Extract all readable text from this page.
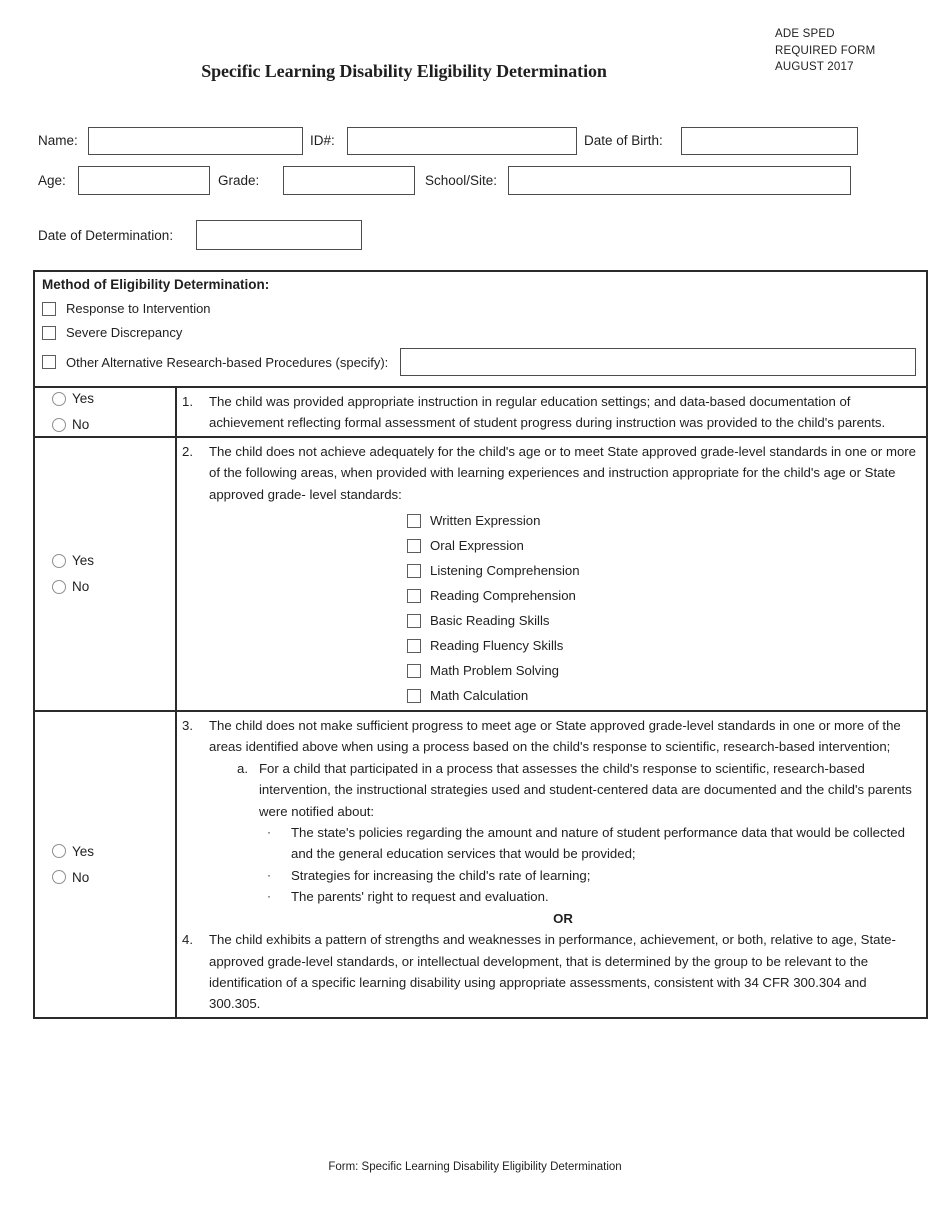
ADE SPED
REQUIRED FORM
AUGUST 2017
Specific Learning Disability Eligibility Determination
Name:	ID#:	Date of Birth:
Age:	Grade:	School/Site:
Date of Determination:
Method of Eligibility Determination:
Response to Intervention
Severe Discrepancy
Other Alternative Research-based Procedures (specify):
Yes
No
1.	The child was provided appropriate instruction in regular education settings; and data-based documentation of achievement reflecting formal assessment of student progress during instruction was provided to the child's parents.
Yes
No
2.	The child does not achieve adequately for the child's age or to meet State approved grade-level standards in one or more of the following areas, when provided with learning experiences and instruction appropriate for the child's age or State approved grade- level standards:
Written Expression
Oral Expression
Listening Comprehension
Reading Comprehension
Basic Reading Skills
Reading Fluency Skills
Math Problem Solving
Math Calculation
Yes
No
3.	The child does not make sufficient progress to meet age or State approved grade-level standards in one or more of the areas identified above when using a process based on the child's response to scientific, research-based intervention;
a. For a child that participated in a process that assesses the child's response to scientific, research-based intervention, the instructional strategies used and student-centered data are documented and the child's parents were notified about:
·
The state's policies regarding the amount and nature of student performance data that would be collected and the general education services that would be provided;
·
Strategies for increasing the child's rate of learning;
·
The parents' right to request and evaluation.
OR
4.	The child exhibits a pattern of strengths and weaknesses in performance, achievement, or both, relative to age, State-approved grade-level standards, or intellectual development, that is determined by the group to be relevant to the identification of a specific learning disability using appropriate assessments, consistent with 34 CFR 300.304 and 300.305.
Form: Specific Learning Disability Eligibility Determination
